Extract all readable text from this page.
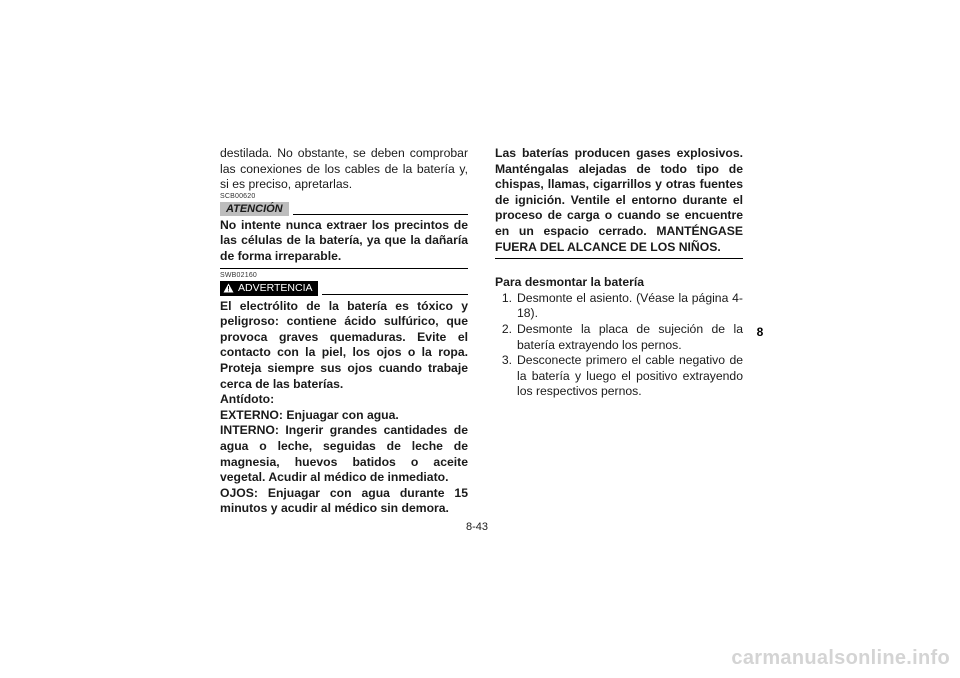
destilada. No obstante, se deben comprobar las conexiones de los cables de la batería y, si es preciso, apretarlas.
SCB00620
ATENCIÓN
No intente nunca extraer los precintos de las células de la batería, ya que la dañaría de forma irreparable.
SWB02160
ADVERTENCIA
El electrólito de la batería es tóxico y peligroso: contiene ácido sulfúrico, que provoca graves quemaduras. Evite el contacto con la piel, los ojos o la ropa. Proteja siempre sus ojos cuando trabaje cerca de las baterías.
Antídoto:
EXTERNO: Enjuagar con agua.
INTERNO: Ingerir grandes cantidades de agua o leche, seguidas de leche de magnesia, huevos batidos o aceite vegetal. Acudir al médico de inmediato.
OJOS: Enjuagar con agua durante 15 minutos y acudir al médico sin demora.
Las baterías producen gases explosivos. Manténgalas alejadas de todo tipo de chispas, llamas, cigarrillos y otras fuentes de ignición. Ventile el entorno durante el proceso de carga o cuando se encuentre en un espacio cerrado. MANTÉNGASE FUERA DEL ALCANCE DE LOS NIÑOS.
Para desmontar la batería
1. Desmonte el asiento. (Véase la página 4-18).
2. Desmonte la placa de sujeción de la batería extrayendo los pernos.
3. Desconecte primero el cable negativo de la batería y luego el positivo extrayendo los respectivos pernos.
8
8-43
carmanualsonline.info
